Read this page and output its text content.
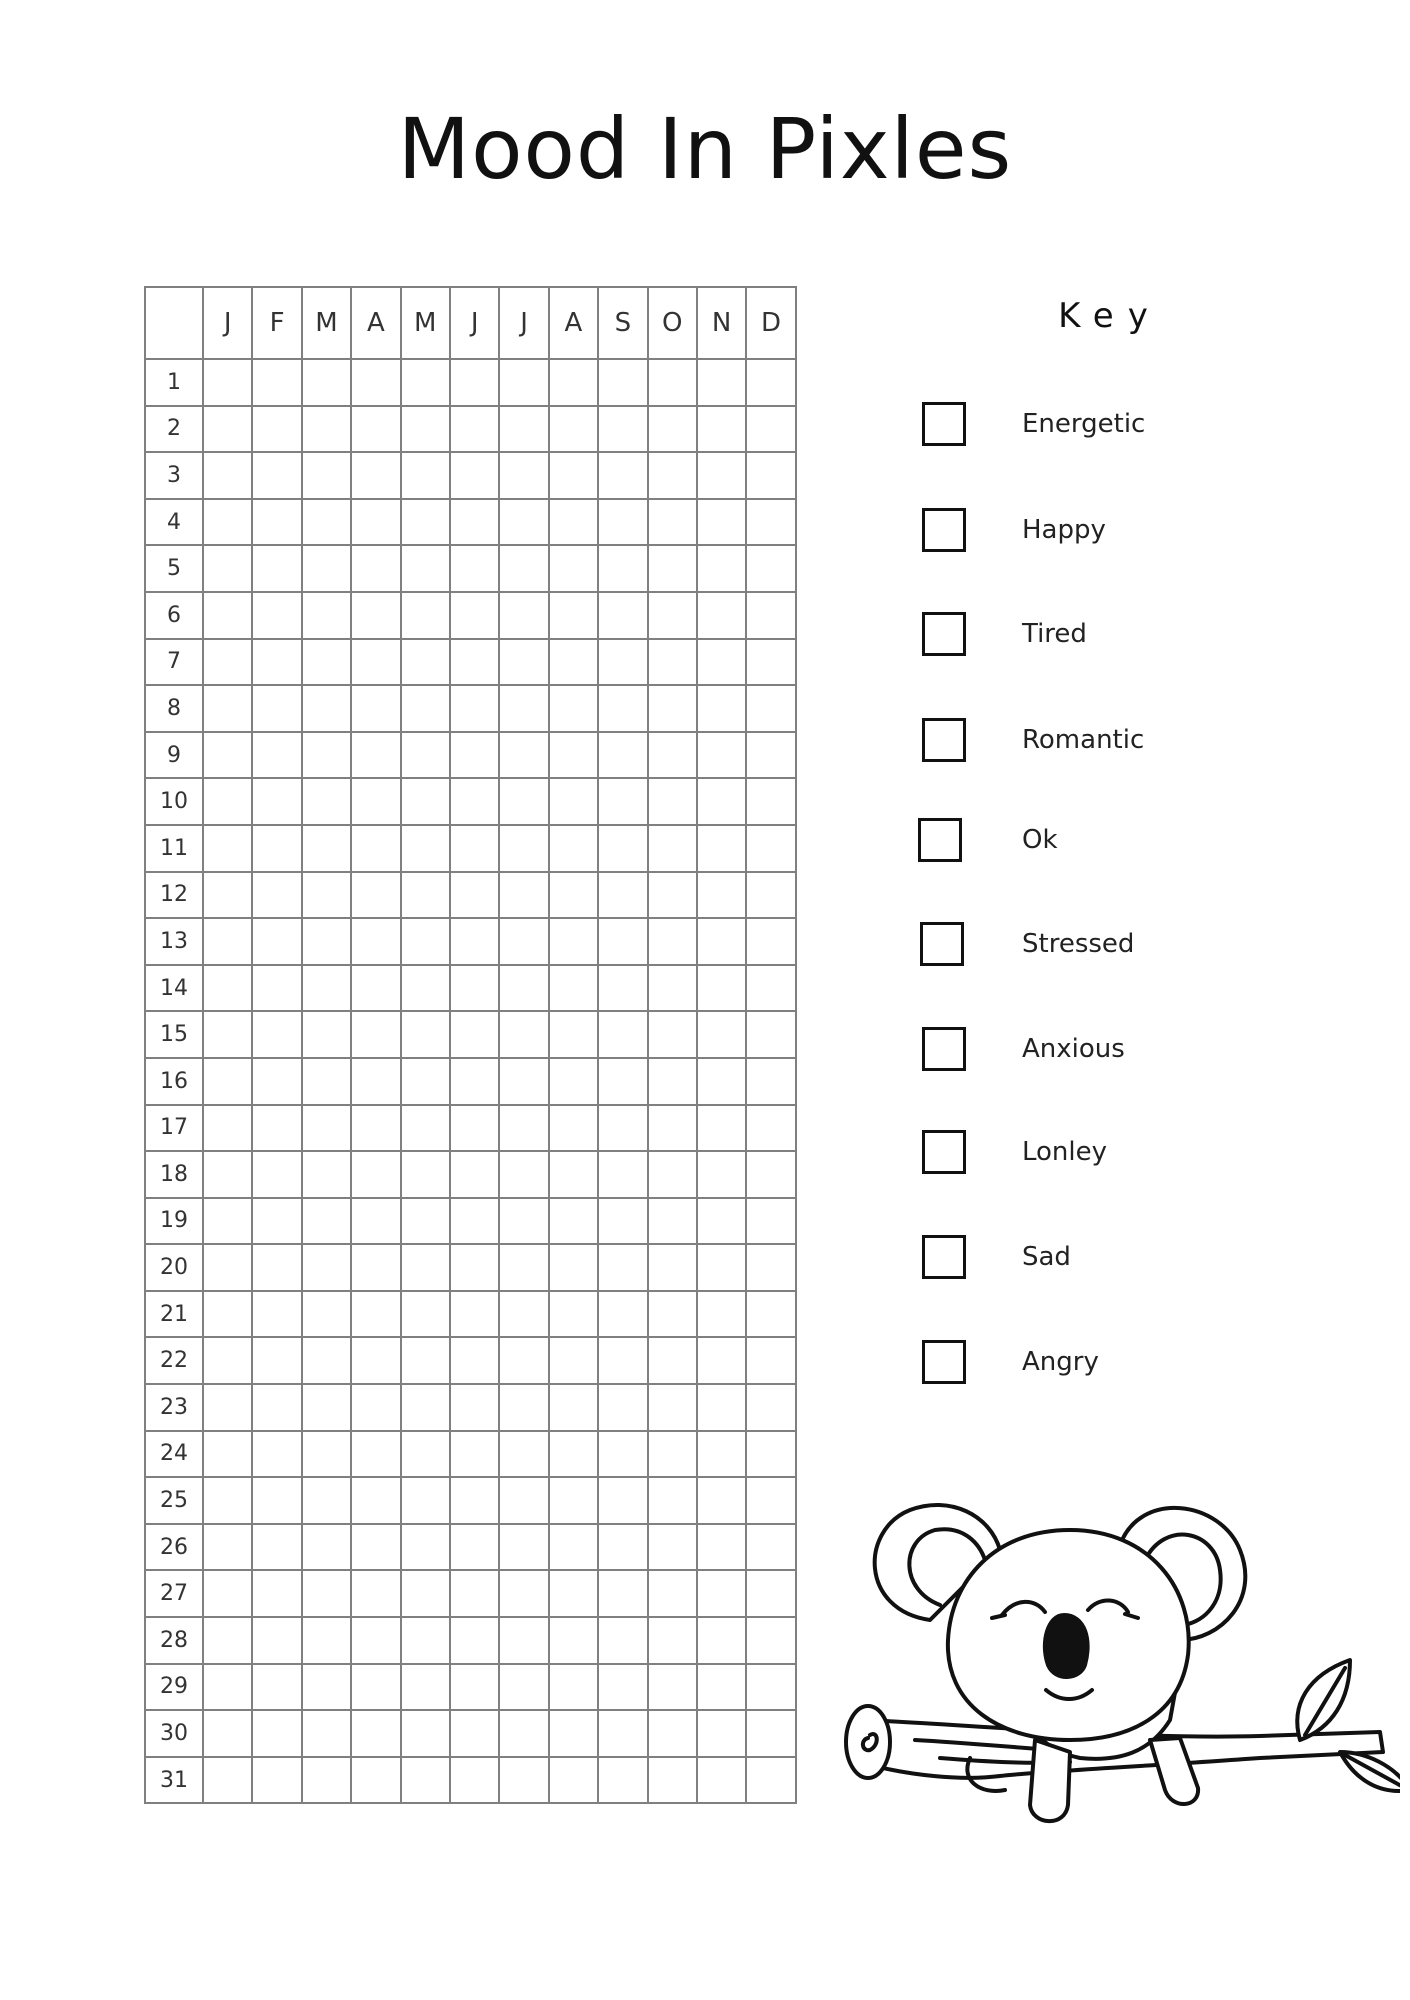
Mood In Pixles
	J	F	M	A	M	J	J	A	S	O	N	D
1												
2												
3												
4												
5												
6												
7												
8												
9												
10												
11												
12												
13												
14												
15												
16												
17												
18												
19												
20												
21												
22												
23												
24												
25												
26												
27												
28												
29												
30												
31												
Key
Energetic
Happy
Tired
Romantic
Ok
Stressed
Anxious
Lonley
Sad
Angry
